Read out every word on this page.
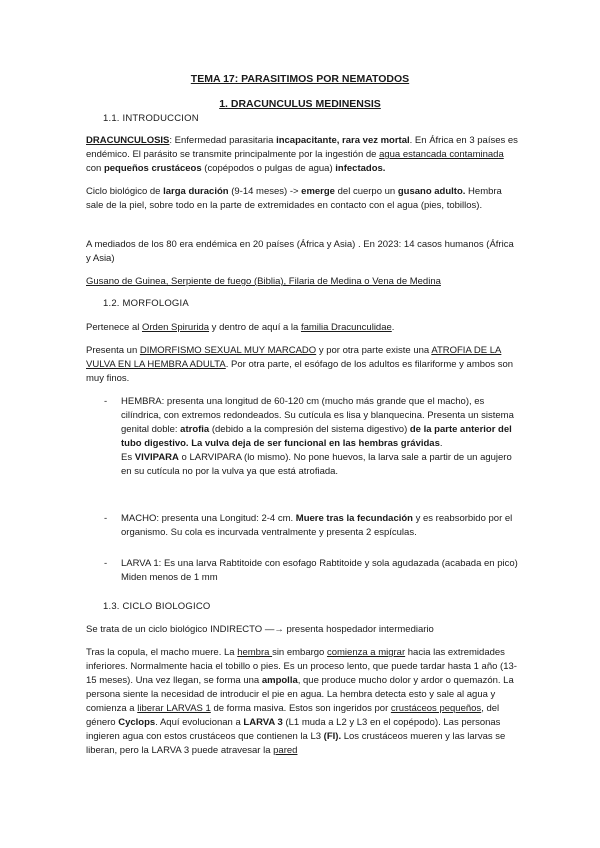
TEMA 17: PARASITIMOS POR NEMATODOS
1. DRACUNCULUS MEDINENSIS
1.1. INTRODUCCION
DRACUNCULOSIS: Enfermedad parasitaria incapacitante, rara vez mortal. En África en 3 países es endémico. El parásito se transmite principalmente por la ingestión de agua estancada contaminada con pequeños crustáceos (copépodos o pulgas de agua) infectados.
Ciclo biológico de larga duración (9-14 meses) -> emerge del cuerpo un gusano adulto. Hembra sale de la piel, sobre todo en la parte de extremidades en contacto con el agua (pies, tobillos).
A mediados de los 80 era endémica en 20 países (África y Asia) . En 2023: 14 casos humanos (África y Asia)
Gusano de Guinea, Serpiente de fuego (Biblia), Filaria de Medina o Vena de Medina
1.2. MORFOLOGIA
Pertenece al Orden Spirurida y dentro de aquí a la familia Dracunculidae.
Presenta un DIMORFISMO SEXUAL MUY MARCADO y por otra parte existe una ATROFIA DE LA VULVA EN LA HEMBRA ADULTA. Por otra parte, el esófago de los adultos es filariforme y ambos son muy finos.
- HEMBRA: presenta una longitud de 60-120 cm (mucho más grande que el macho), es cilíndrica, con extremos redondeados. Su cutícula es lisa y blanquecina. Presenta un sistema genital doble: atrofia (debido a la compresión del sistema digestivo) de la parte anterior del tubo digestivo. La vulva deja de ser funcional en las hembras grávidas.
Es VIVIPARA o LARVIPARA (lo mismo). No pone huevos, la larva sale a partir de un agujero en su cutícula no por la vulva ya que está atrofiada.
- MACHO: presenta una Longitud: 2-4 cm. Muere tras la fecundación y es reabsorbido por el organismo. Su cola es incurvada ventralmente y presenta 2 espículas.
- LARVA 1: Es una larva Rabtitoide con esofago Rabtitoide y sola agudazada (acabada en pico) Miden menos de 1 mm
1.3. CICLO BIOLOGICO
Se trata de un ciclo biológico INDIRECTO —→ presenta hospedador intermediario
Tras la copula, el macho muere. La hembra sin embargo comienza a migrar hacia las extremidades inferiores. Normalmente hacia el tobillo o pies. Es un proceso lento, que puede tardar hasta 1 año (13-15 meses). Una vez llegan, se forma una ampolla, que produce mucho dolor y ardor o quemazón. La persona siente la necesidad de introducir el pie en agua. La hembra detecta esto y sale al agua y comienza a liberar LARVAS 1 de forma masiva. Estos son ingeridos por crustáceos pequeños, del género Cyclops. Aquí evolucionan a LARVA 3 (L1 muda a L2 y L3 en el copépodo). Las personas ingieren agua con estos crustáceos que contienen la L3 (FI). Los crustáceos mueren y las larvas se liberan, pero la LARVA 3 puede atravesar la pared
